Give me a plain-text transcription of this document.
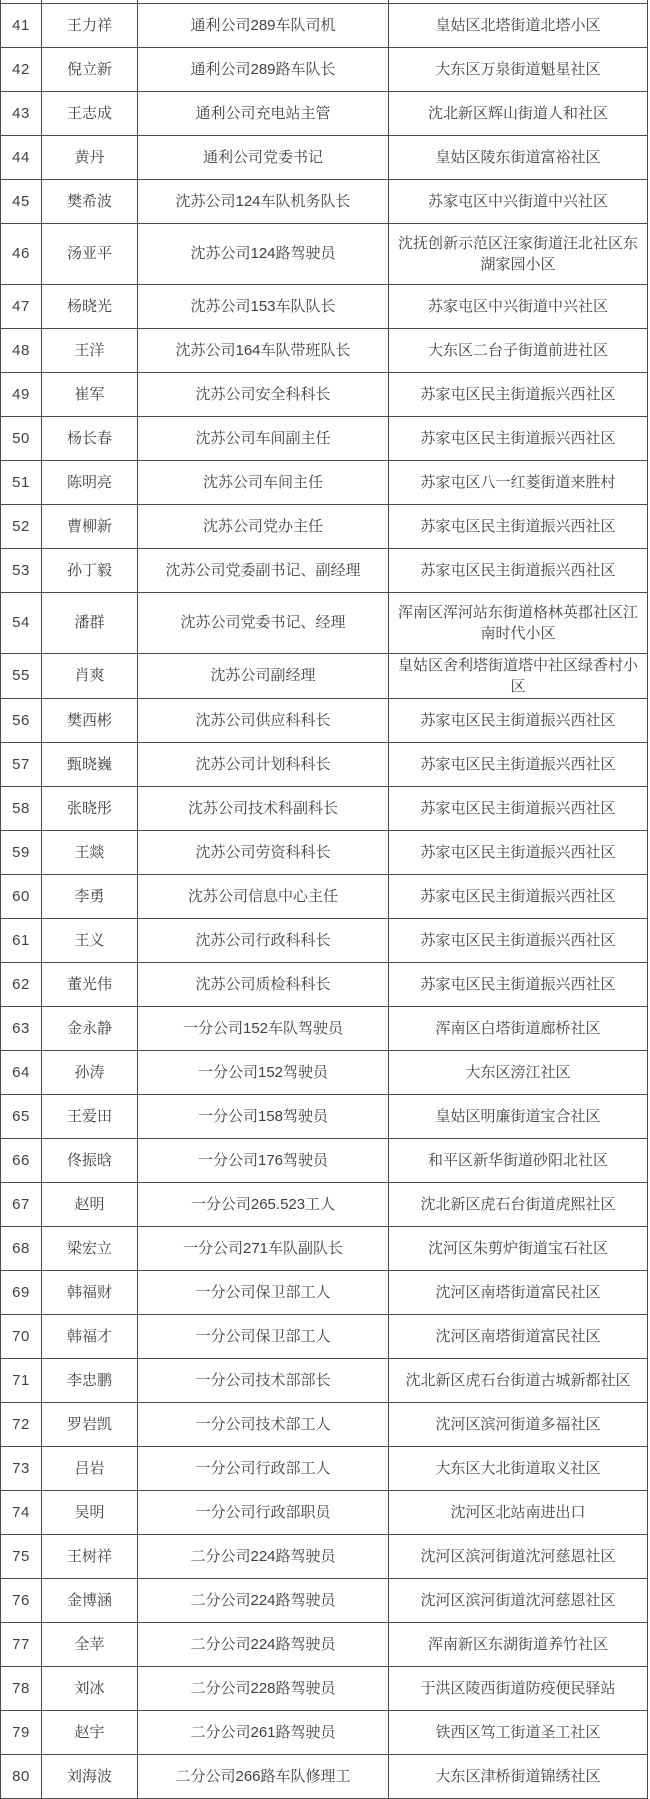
41	王力祥	通利公司289车队司机	皇姑区北塔街道北塔小区
42	倪立新	通利公司289路车队长	大东区万泉街道魁星社区
43	王志成	通利公司充电站主管	沈北新区辉山街道人和社区
44	黄丹	通利公司党委书记	皇姑区陵东街道富裕社区
45	樊希波	沈苏公司124车队机务队长	苏家屯区中兴街道中兴社区
46	汤亚平	沈苏公司124路驾驶员	沈抚创新示范区汪家街道汪北社区东湖家园小区
47	杨晓光	沈苏公司153车队队长	苏家屯区中兴街道中兴社区
48	王洋	沈苏公司164车队带班队长	大东区二台子街道前进社区
49	崔军	沈苏公司安全科科长	苏家屯区民主街道振兴西社区
50	杨长春	沈苏公司车间副主任	苏家屯区民主街道振兴西社区
51	陈明亮	沈苏公司车间主任	苏家屯区八一红菱街道来胜村
52	曹柳新	沈苏公司党办主任	苏家屯区民主街道振兴西社区
53	孙丁毅	沈苏公司党委副书记、副经理	苏家屯区民主街道振兴西社区
54	潘群	沈苏公司党委书记、经理	浑南区浑河站东街道格林英郡社区江南时代小区
55	肖爽	沈苏公司副经理	皇姑区舍利塔街道塔中社区绿香村小区
56	樊西彬	沈苏公司供应科科长	苏家屯区民主街道振兴西社区
57	甄晓巍	沈苏公司计划科科长	苏家屯区民主街道振兴西社区
58	张晓彤	沈苏公司技术科副科长	苏家屯区民主街道振兴西社区
59	王燚	沈苏公司劳资科科长	苏家屯区民主街道振兴西社区
60	李勇	沈苏公司信息中心主任	苏家屯区民主街道振兴西社区
61	王义	沈苏公司行政科科长	苏家屯区民主街道振兴西社区
62	董光伟	沈苏公司质检科科长	苏家屯区民主街道振兴西社区
63	金永静	一分公司152车队驾驶员	浑南区白塔街道廊桥社区
64	孙涛	一分公司152驾驶员	大东区滂江社区
65	王爱田	一分公司158驾驶员	皇姑区明廉街道宝合社区
66	佟振晗	一分公司176驾驶员	和平区新华街道砂阳北社区
67	赵明	一分公司265.523工人	沈北新区虎石台街道虎熙社区
68	梁宏立	一分公司271车队副队长	沈河区朱剪炉街道宝石社区
69	韩福财	一分公司保卫部工人	沈河区南塔街道富民社区
70	韩福才	一分公司保卫部工人	沈河区南塔街道富民社区
71	李忠鹏	一分公司技术部部长	沈北新区虎石台街道古城新都社区
72	罗岩凯	一分公司技术部工人	沈河区滨河街道多福社区
73	吕岩	一分公司行政部工人	大东区大北街道取义社区
74	吴明	一分公司行政部职员	沈河区北站南进出口
75	王树祥	二分公司224路驾驶员	沈河区滨河街道沈河慈恩社区
76	金博涵	二分公司224路驾驶员	沈河区滨河街道沈河慈恩社区
77	全苹	二分公司224路驾驶员	浑南新区东湖街道养竹社区
78	刘冰	二分公司228路驾驶员	于洪区陵西街道防疫便民驿站
79	赵宇	二分公司261路驾驶员	铁西区笃工街道圣工社区
80	刘海波	二分公司266路车队修理工	大东区津桥街道锦绣社区
